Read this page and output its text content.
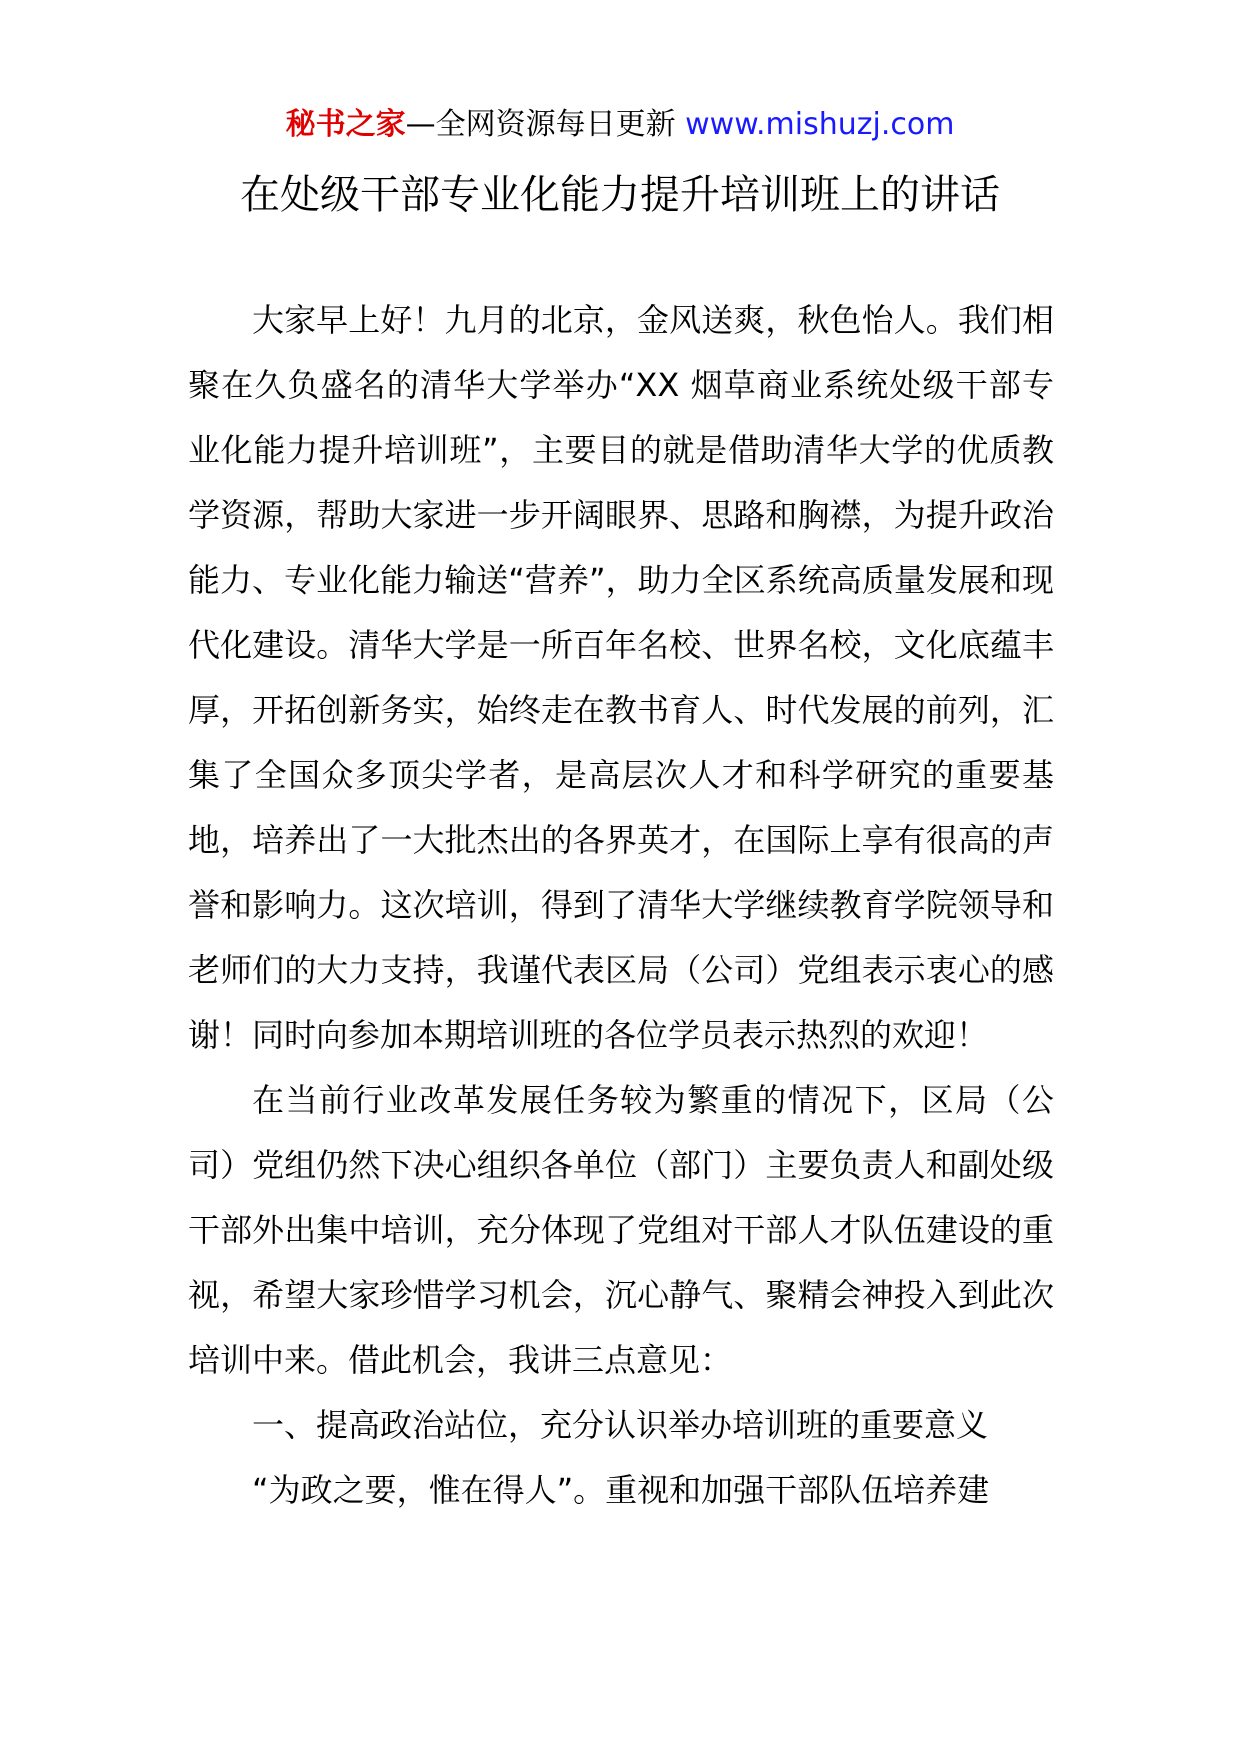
秘书之家—全网资源每日更新 www.mishuzj.com
在处级干部专业化能力提升培训班上的讲话

大家早上好！九月的北京，金风送爽，秋色怡人。我们相聚在久负盛名的清华大学举办“XX 烟草商业系统处级干部专业化能力提升培训班”，主要目的就是借助清华大学的优质教学资源，帮助大家进一步开阔眼界、思路和胸襟，为提升政治能力、专业化能力输送“营养”，助力全区系统高质量发展和现代化建设。清华大学是一所百年名校、世界名校，文化底蕴丰厚，开拓创新务实，始终走在教书育人、时代发展的前列，汇集了全国众多顶尖学者，是高层次人才和科学研究的重要基地，培养出了一大批杰出的各界英才，在国际上享有很高的声誉和影响力。这次培训，得到了清华大学继续教育学院领导和老师们的大力支持，我谨代表区局（公司）党组表示衷心的感谢！同时向参加本期培训班的各位学员表示热烈的欢迎！

在当前行业改革发展任务较为繁重的情况下，区局（公司）党组仍然下决心组织各单位（部门）主要负责人和副处级干部外出集中培训，充分体现了党组对干部人才队伍建设的重视，希望大家珍惜学习机会，沉心静气、聚精会神投入到此次培训中来。借此机会，我讲三点意见：

一、提高政治站位，充分认识举办培训班的重要意义

“为政之要，惟在得人”。重视和加强干部队伍培养建
